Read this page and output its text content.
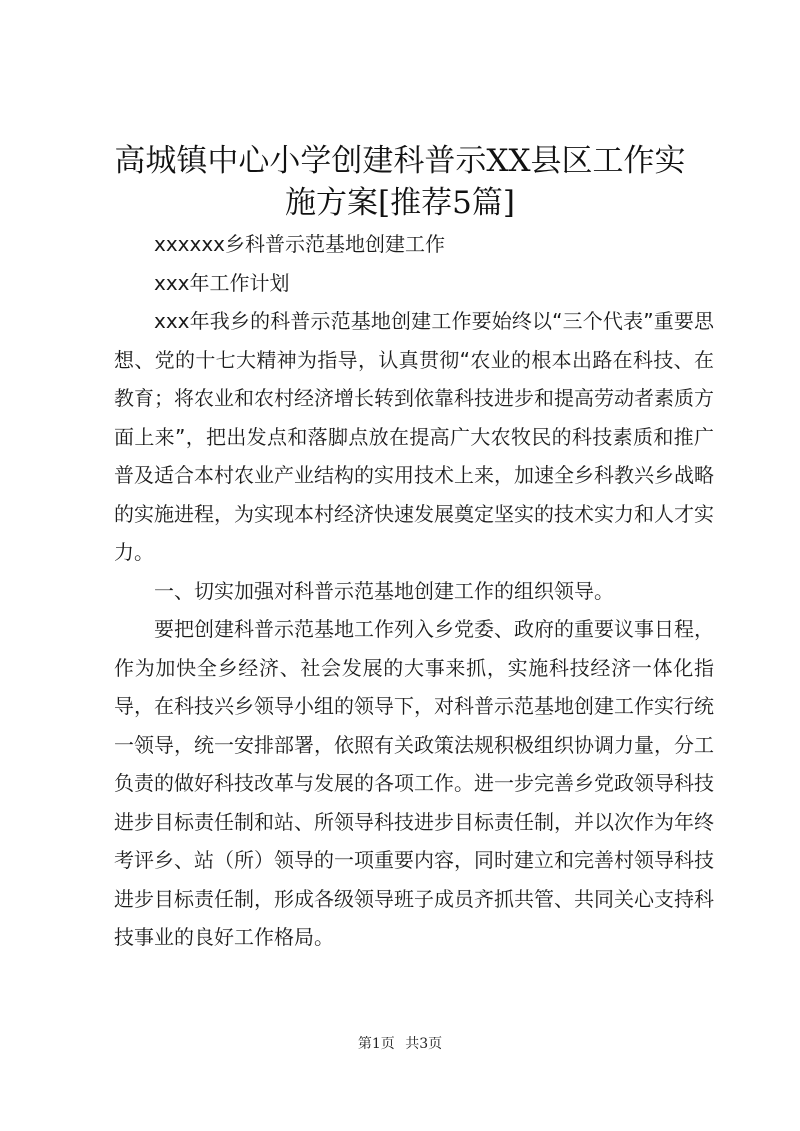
高城镇中心小学创建科普示XX县区工作实施方案[推荐5篇]

xxxxxx乡科普示范基地创建工作

xxx年工作计划

xxx年我乡的科普示范基地创建工作要始终以“三个代表”重要思想、党的十七大精神为指导，认真贯彻“农业的根本出路在科技、在教育；将农业和农村经济增长转到依靠科技进步和提高劳动者素质方面上来”，把出发点和落脚点放在提高广大农牧民的科技素质和推广普及适合本村农业产业结构的实用技术上来，加速全乡科教兴乡战略的实施进程，为实现本村经济快速发展奠定坚实的技术实力和人才实力。

一、切实加强对科普示范基地创建工作的组织领导。

要把创建科普示范基地工作列入乡党委、政府的重要议事日程，作为加快全乡经济、社会发展的大事来抓，实施科技经济一体化指导，在科技兴乡领导小组的领导下，对科普示范基地创建工作实行统一领导，统一安排部署，依照有关政策法规积极组织协调力量，分工负责的做好科技改革与发展的各项工作。进一步完善乡党政领导科技进步目标责任制和站、所领导科技进步目标责任制，并以次作为年终考评乡、站（所）领导的一项重要内容，同时建立和完善村领导科技进步目标责任制，形成各级领导班子成员齐抓共管、共同关心支持科技事业的良好工作格局。

第1页 共3页
